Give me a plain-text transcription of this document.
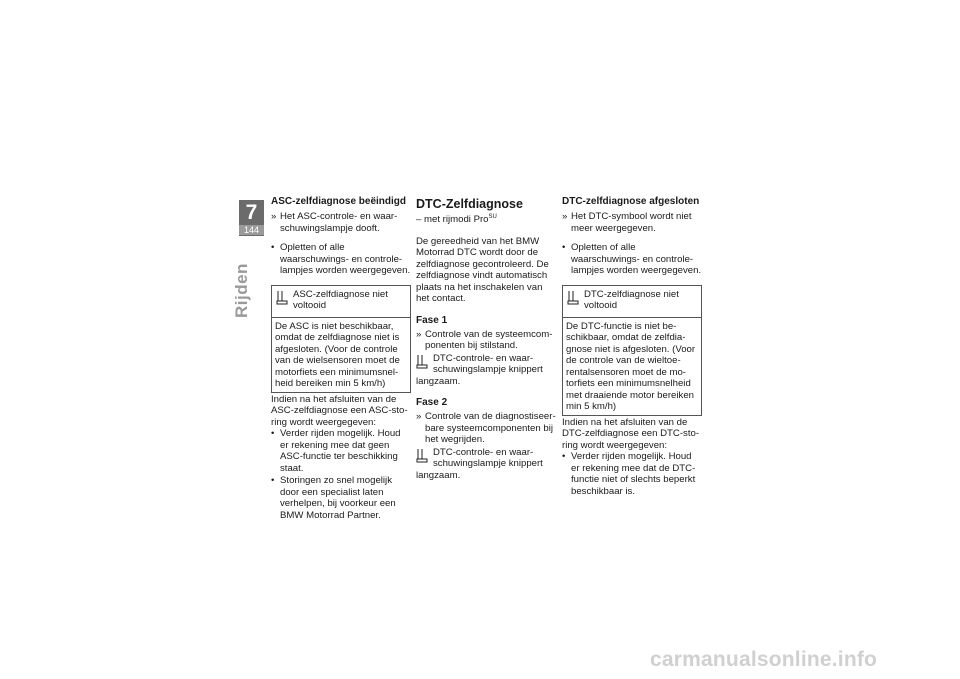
7
144
Rijden
ASC-zelfdiagnose beëindigd

» Het ASC-controle- en waar-schuwingslampje dooft.

• Opletten of alle waarschuwings- en controle-lampjes worden weergegeven.

ASC-zelfdiagnose niet voltooid

De ASC is niet beschikbaar, omdat de zelfdiagnose niet is afgesloten. (Voor de controle van de wielsensoren moet de motorfiets een minimumsnel-heid bereiken min 5 km/h)

Indien na het afsluiten van de ASC-zelfdiagnose een ASC-sto-ring wordt weergegeven:

• Verder rijden mogelijk. Houd er rekening mee dat geen ASC-functie ter beschikking staat.

• Storingen zo snel mogelijk door een specialist laten verhelpen, bij voorkeur een BMW Motorrad Partner.

DTC-Zelfdiagnose

– met rijmodi Pro$^{SU}$

De gereedheid van het BMW Motorrad DTC wordt door de zelfdiagnose gecontroleerd. De zelfdiagnose vindt automatisch plaats na het inschakelen van het contact.

Fase 1

» Controle van de systeemcom-ponenten bij stilstand.

DTC-controle- en waar-schuwingslampje knippert

langzaam.

Fase 2

» Controle van de diagnostiseer-bare systeemcomponenten bij het wegrijden.

DTC-controle- en waar-schuwingslampje knippert

langzaam.

DTC-zelfdiagnose afgesloten

» Het DTC-symbool wordt niet meer weergegeven.

• Opletten of alle waarschuwings- en controle-lampjes worden weergegeven.

DTC-zelfdiagnose niet voltooid

De DTC-functie is niet be-schikbaar, omdat de zelfdia-gnose niet is afgesloten. (Voor de controle van de wieltoe-rentalsensoren moet de mo-torfiets een minimumsnelheid met draaiende motor bereiken min 5 km/h)

Indien na het afsluiten van de DTC-zelfdiagnose een DTC-sto-ring wordt weergegeven:

• Verder rijden mogelijk. Houd er rekening mee dat de DTC-functie niet of slechts beperkt beschikbaar is.

carmanualsonline.info
